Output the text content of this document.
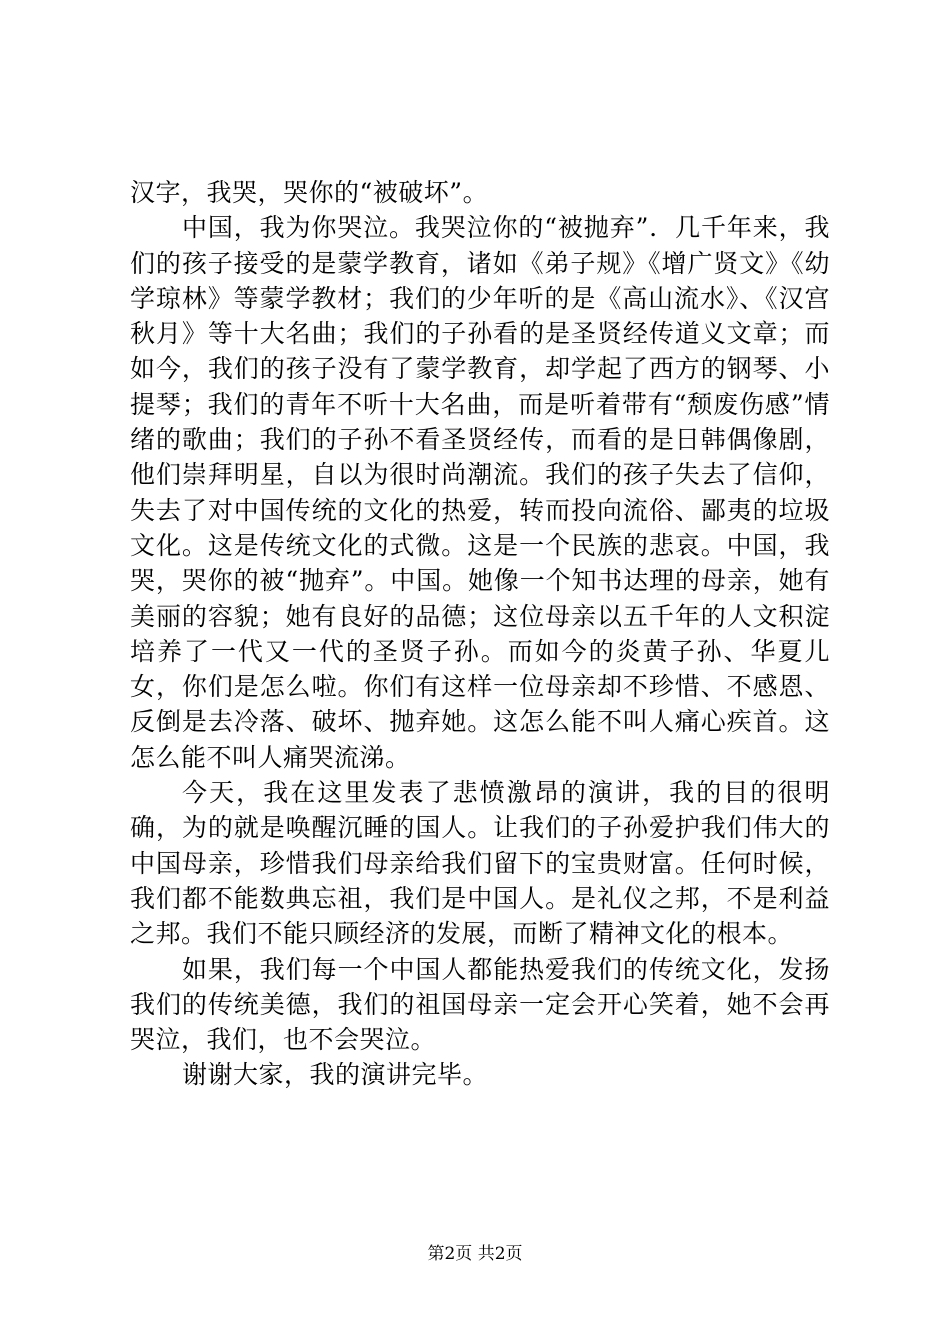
汉字，我哭，哭你的“被破坏”。

中国，我为你哭泣。我哭泣你的“被抛弃”．几千年来，我们的孩子接受的是蒙学教育，诸如《弟子规》《增广贤文》《幼学琼林》等蒙学教材；我们的少年听的是《高山流水》、《汉宫秋月》等十大名曲；我们的子孙看的是圣贤经传道义文章；而如今，我们的孩子没有了蒙学教育，却学起了西方的钢琴、小提琴；我们的青年不听十大名曲，而是听着带有“颓废伤感”情绪的歌曲；我们的子孙不看圣贤经传，而看的是日韩偶像剧，他们崇拜明星，自以为很时尚潮流。我们的孩子失去了信仰，失去了对中国传统的文化的热爱，转而投向流俗、鄙夷的垃圾文化。这是传统文化的式微。这是一个民族的悲哀。中国，我哭，哭你的被“抛弃”。中国。她像一个知书达理的母亲，她有美丽的容貌；她有良好的品德；这位母亲以五千年的人文积淀培养了一代又一代的圣贤子孙。而如今的炎黄子孙、华夏儿女，你们是怎么啦。你们有这样一位母亲却不珍惜、不感恩、反倒是去冷落、破坏、抛弃她。这怎么能不叫人痛心疾首。这怎么能不叫人痛哭流涕。

今天，我在这里发表了悲愤激昂的演讲，我的目的很明确，为的就是唤醒沉睡的国人。让我们的子孙爱护我们伟大的中国母亲，珍惜我们母亲给我们留下的宝贵财富。任何时候，我们都不能数典忘祖，我们是中国人。是礼仪之邦，不是利益之邦。我们不能只顾经济的发展，而断了精神文化的根本。

如果，我们每一个中国人都能热爱我们的传统文化，发扬我们的传统美德，我们的祖国母亲一定会开心笑着，她不会再哭泣，我们，也不会哭泣。

谢谢大家，我的演讲完毕。

第2页 共2页
